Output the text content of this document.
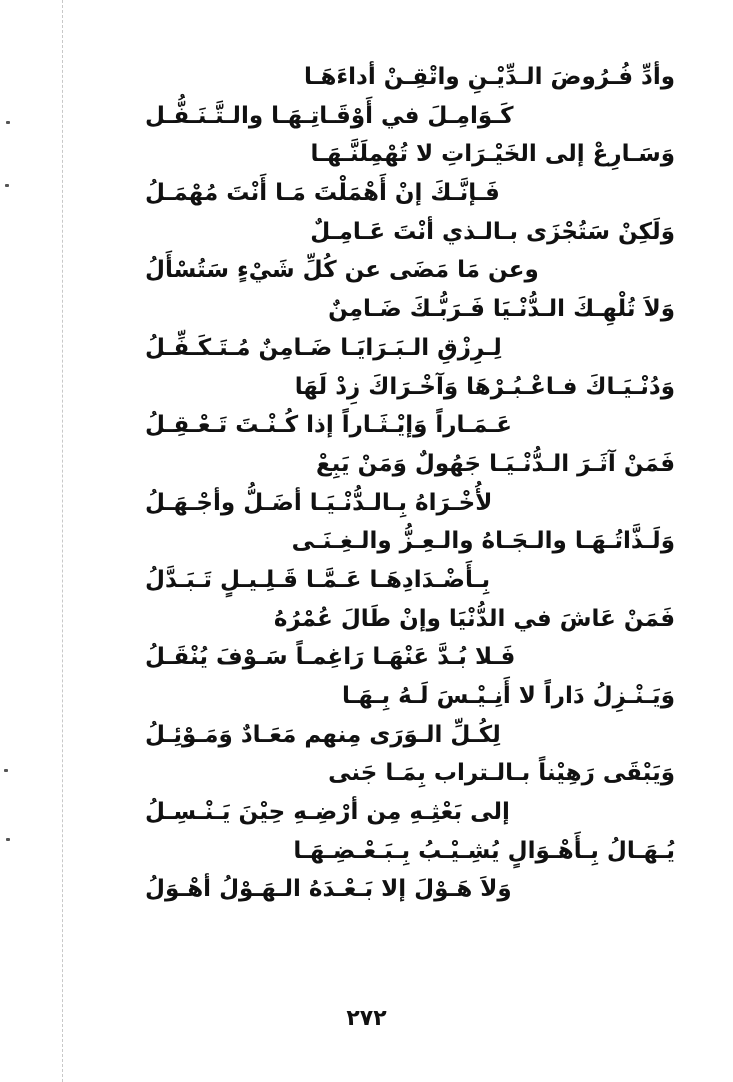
وأدِّ فُـرُوضَ الـدِّيْـنِ واتْقِـنْ أداءَهَـا
كَـوَامِـلَ في أَوْقَـاتِـهَـا والـتَّـنَـفُّـل
وَسَـارِعْ إلى الخَيْـرَاتِ لا تُهْمِلَنَّـهَـا
فَـإنَّـكَ إنْ أَهْمَلْتَ مَـا أَنْتَ مُهْمَـلُ
وَلَكِنْ سَتُجْزَى بـالـذي أنْتَ عَـامِـلٌ
وعن مَا مَضَى عن كُلِّ شَيْءٍ سَتُسْأَلُ
وَلاَ تُلْهِـكَ الـدُّنْـيَا فَـرَبُّـكَ ضَـامِنٌ
لِـرِزْقِ الـبَـرَايَـا ضَـامِنٌ مُـتَـكَـفِّـلُ
وَدُنْـيَـاكَ فـاعْـبُـرْهَا وَآخْـرَاكَ زِدْ لَهَا
عَـمَـاراً وَإيْـثَـاراً إذا كُـنْـتَ تَـعْـقِـلُ
فَمَنْ آثَـرَ الـدُّنْـيَـا جَهُولٌ وَمَنْ يَبِعْ
لأُخْـرَاهُ بِـالـدُّنْـيَـا أضَـلُّ وأجْـهَـلُ
وَلَـذَّاتُـهَـا والـجَـاهُ والـعِـزُّ والـغِـنَـى
بِـأَضْـدَادِهَـا عَـمَّـا قَـلِـيـلٍ تَـبَـدَّلُ
فَمَنْ عَاشَ في الدُّنْيَا وإنْ طَالَ عُمْرُهُ
فَـلا بُـدَّ عَنْهَـا رَاغِمـاً سَـوْفَ يُنْقَـلُ
وَيَـنْـزِلُ دَاراً لا أَنِـيْـسَ لَـهُ بِـهَـا
لِكُـلِّ الـوَرَى مِنهم مَعَـادٌ وَمَـوْئِـلُ
وَيَبْقَى رَهِيْناً بـالـتراب بِمَـا جَنى
إلى بَعْثِـهِ مِن أرْضِـهِ حِيْنَ يَـنْـسِـلُ
يُـهَـالُ بِـأَهْـوَالٍ يُشِـيْـبُ بِـبَـعْـضِـهَـا
وَلاَ هَـوْلَ إلا بَـعْـدَهُ الـهَـوْلُ أهْـوَلُ
٢٧٢
